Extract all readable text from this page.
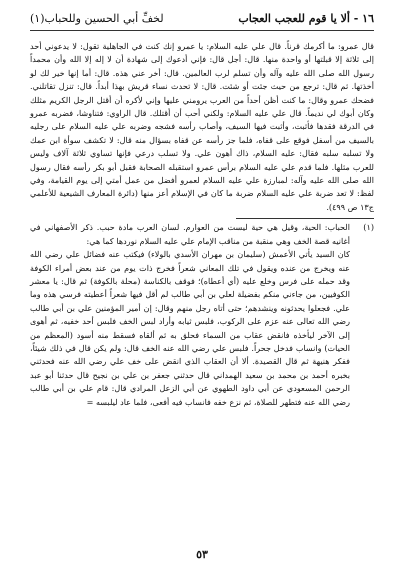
١٦ - ألا يا قوم للعجب العجاب
لخفِّ أبي الحسين وللحباب(١)

قال عمرو: ما أكرمك قرناً. قال علي عليه السلام: يا عمرو إنك كنت في الجاهلية تقول: لا يدعوني أحد إلى ثلاثة إلا قبلتها أو واحدة منها. قال: أجل قال: فإني أدعوك إلى شهادة أن لا إله إلا الله وأن محمداً رسول الله صلى الله عليه وآله وأن تسلم لرب العالمين. قال: أخر عني هذه. قال: أما إنها خير لك لو أخذتها. ثم قال: ترجع من حيث جئت أو شئت. قال: لا تحدث نساء قريش بهذا أبداً. قال: تنزل تقاتلني. فضحك عمرو وقال: ما كنت أظن أحداً من العرب يرومني عليها وإني لأكره أن أقتل الرجل الكريم مثلك وكان أبوك لي نديماً. قال علي عليه السلام: ولكني أحب أن أقتلك. قال الراوي: فتناوشا، فضربه عمرو في الدرقة فقدها فأثبت، وأثبت فيها السيف، وأصاب رأسه فشجه وضربه علي عليه السلام على رجليه بالسيف من أسفل فوقع على قفاه، فلما جز رأسه عن قفاه بسؤال منه قال: لا تكشف سوأة ابن عمك ولا تسلبه سلبه فقال: عليه السلام، ذاك أهون علي. ولا تسلب درعي فإنها تساوي ثلاثة آلاف وليس للعرب مثلها. فلما قدم علي عليه السلام برأس عمرو استقبله الصحابة فقبل أبو بكر رأسه فقال رسول الله صلى الله عليه وآله: لمبارزة علي عليه السلام لعمرو أفضل من عمل أمتي إلى يوم القيامة، وفي لفظ: لا تعد ضربة علي عليه السلام ضربة ما كان في الإسلام أعز منها (دائرة المعارف الشيعية للأعلمي ج١٣ ص ٤٩٩).

(١)
الحباب: الحية، وقيل هي حية ليست من العوارم. لسان العرب مادة حبب. ذكر الأصفهاني في أغانيه قصة الخف وهي منقبة من مناقب الإمام علي عليه السلام نوردها كما هي:
كان السيد يأتي الأعمش (سليمان بن مهران الأسدي بالولاء) فيكتب عنه فضائل علي رضي الله عنه ويخرج من عنده ويقول في تلك المعاني شعراً فخرج ذات يوم من عند بعض أمراء الكوفة وقد حمله على فرس وخلع عليه (أي أعطاه)؛ فوقف بالكناسة (محلة بالكوفة) ثم قال: يا معشر الكوفيين، من جاءني منكم بفضيلة لعلي بن أبي طالب لم أقل فيها شعراً أعطيته فرسي هذه وما علي. فجعلوا يحدثونه وينشدهم؛ حتى أتاه رجل منهم وقال: إن أمير المؤمنين علي بن أبي طالب رضي الله تعالى عنه عزم على الركوب، فلبس ثيابه وأراد لبس الخف فلبس أحد خفيه، ثم أهوى إلى الآخر ليأخذه فانقض عقاب من السماء فحلق به ثم ألقاه فسقط منه أسود (المعظم من الحيات) وانساب فدخل جحراً. فلبس علي رضي الله عنه الخف قال: ولم يكن قال في ذلك شيئاً، ففكر هنيهة ثم قال القصيدة. ألا أن العقاب الذي انقض على خف علي رضي الله عنه فحدثني بخبره أحمد بن محمد بن سعيد الهمداني قال حدثني جعفر بن علي بن نجيح قال حدثنا أبو عبد الرحمن المسعودي عن أبي داود الطهوي عن أبي الزعل المرادي قال: قام علي بن أبي طالب رضي الله عنه فتطهر للصلاة، ثم نزع خفه فانساب فيه أفعى، فلما عاد ليلبسه =
٥٣
